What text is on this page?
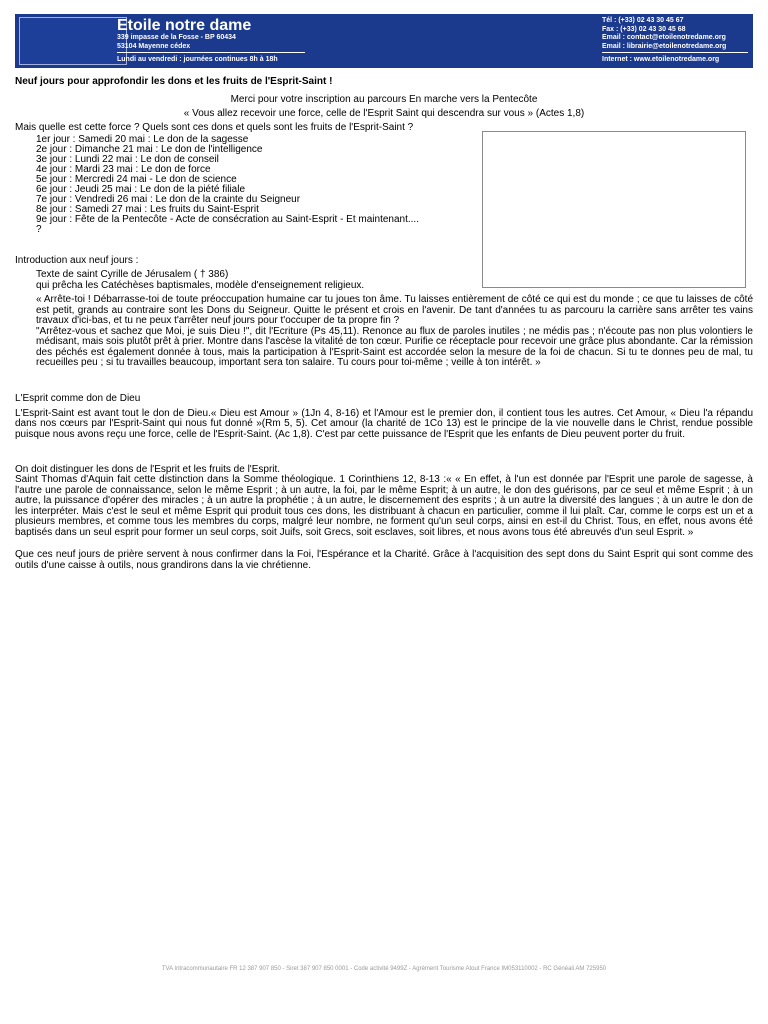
Etoile notre dame
339 impasse de la Fosse - BP 60434
53104 Mayenne cédex
Lundi au vendredi : journées continues 8h à 18h
Tél : (+33) 02 43 30 45 67
Fax : (+33) 02 43 30 45 68
Email : contact@etoilenotredame.org
Email : librairie@etoilenotredame.org
Internet : www.etoilenotredame.org
Neuf jours pour approfondir les dons et les fruits de l'Esprit-Saint !
Merci pour votre inscription au parcours En marche vers la Pentecôte
« Vous allez recevoir une force, celle de l'Esprit Saint qui descendra sur vous » (Actes 1,8)
Mais quelle est cette force ? Quels sont ces dons et quels sont les fruits de l'Esprit-Saint ?
1er jour : Samedi 20 mai : Le don de la sagesse
2e jour : Dimanche 21 mai : Le don de l'intelligence
3e jour : Lundi 22 mai : Le don de conseil
4e jour : Mardi 23 mai : Le don de force
5e jour : Mercredi 24 mai - Le don de science
6e jour : Jeudi 25 mai : Le don de la piété filiale
7e jour : Vendredi 26 mai : Le don de la crainte du Seigneur
8e jour : Samedi 27 mai : Les fruits du Saint-Esprit
9e jour : Fête de la Pentecôte - Acte de consécration au Saint-Esprit - Et maintenant....
?
Introduction aux neuf jours :
Texte de saint Cyrille de Jérusalem ( † 386)
qui prêcha les Catéchèses baptismales, modèle d'enseignement religieux.
« Arrête-toi ! Débarrasse-toi de toute préoccupation humaine car tu joues ton âme. Tu laisses entièrement de côté ce qui est du monde ; ce que tu laisses de côté est petit, grands au contraire sont les Dons du Seigneur. Quitte le présent et crois en l'avenir. De tant d'années tu as parcouru la carrière sans arrêter tes vains travaux d'ici-bas, et tu ne peux t'arrêter neuf jours pour t'occuper de ta propre fin ?
"Arrêtez-vous et sachez que Moi, je suis Dieu !", dit l'Ecriture (Ps 45,11). Renonce au flux de paroles inutiles ; ne médis pas ; n'écoute pas non plus volontiers le médisant, mais sois plutôt prêt à prier. Montre dans l'ascèse la vitalité de ton cœur. Purifie ce réceptacle pour recevoir une grâce plus abondante. Car la rémission des péchés est également donnée à tous, mais la participation à l'Esprit-Saint est accordée selon la mesure de la foi de chacun. Si tu te donnes peu de mal, tu recueilles peu ; si tu travailles beaucoup, important sera ton salaire. Tu cours pour toi-même ; veille à ton intérêt. »
L'Esprit comme don de Dieu
L'Esprit-Saint est avant tout le don de Dieu.« Dieu est Amour » (1Jn 4, 8-16) et l'Amour est le premier don, il contient tous les autres. Cet Amour, « Dieu l'a répandu dans nos cœurs par l'Esprit-Saint qui nous fut donné »(Rm 5, 5). Cet amour (la charité de 1Co 13) est le principe de la vie nouvelle dans le Christ, rendue possible puisque nous avons reçu une force, celle de l'Esprit-Saint. (Ac 1,8). C'est par cette puissance de l'Esprit que les enfants de Dieu peuvent porter du fruit.
On doit distinguer les dons de l'Esprit et les fruits de l'Esprit.
Saint Thomas d'Aquin fait cette distinction dans la Somme théologique. 1 Corinthiens 12, 8-13 :« « En effet, à l'un est donnée par l'Esprit une parole de sagesse, à l'autre une parole de connaissance, selon le même Esprit ; à un autre, la foi, par le même Esprit; à un autre, le don des guérisons, par ce seul et même Esprit ; à un autre, la puissance d'opérer des miracles ; à un autre la prophétie ; à un autre, le discernement des esprits ; à un autre la diversité des langues ; à un autre le don de les interpréter. Mais c'est le seul et même Esprit qui produit tous ces dons, les distribuant à chacun en particulier, comme il lui plaît. Car, comme le corps est un et a plusieurs membres, et comme tous les membres du corps, malgré leur nombre, ne forment qu'un seul corps, ainsi en est-il du Christ. Tous, en effet, nous avons été baptisés dans un seul esprit pour former un seul corps, soit Juifs, soit Grecs, soit esclaves, soit libres, et nous avons tous été abreuvés d'un seul Esprit. »
Que ces neuf jours de prière servent à nous confirmer dans la Foi, l'Espérance et la Charité. Grâce à l'acquisition des sept dons du Saint Esprit qui sont comme des outils d'une caisse à outils, nous grandirons dans la vie chrétienne.
TVA Intracommunautaire FR 12 387 907 850 - Siret 387 907 850 0001 - Code activité 9499Z - Agrément Tourisme Atout France IM053110002 - RC Généali AM 725950
